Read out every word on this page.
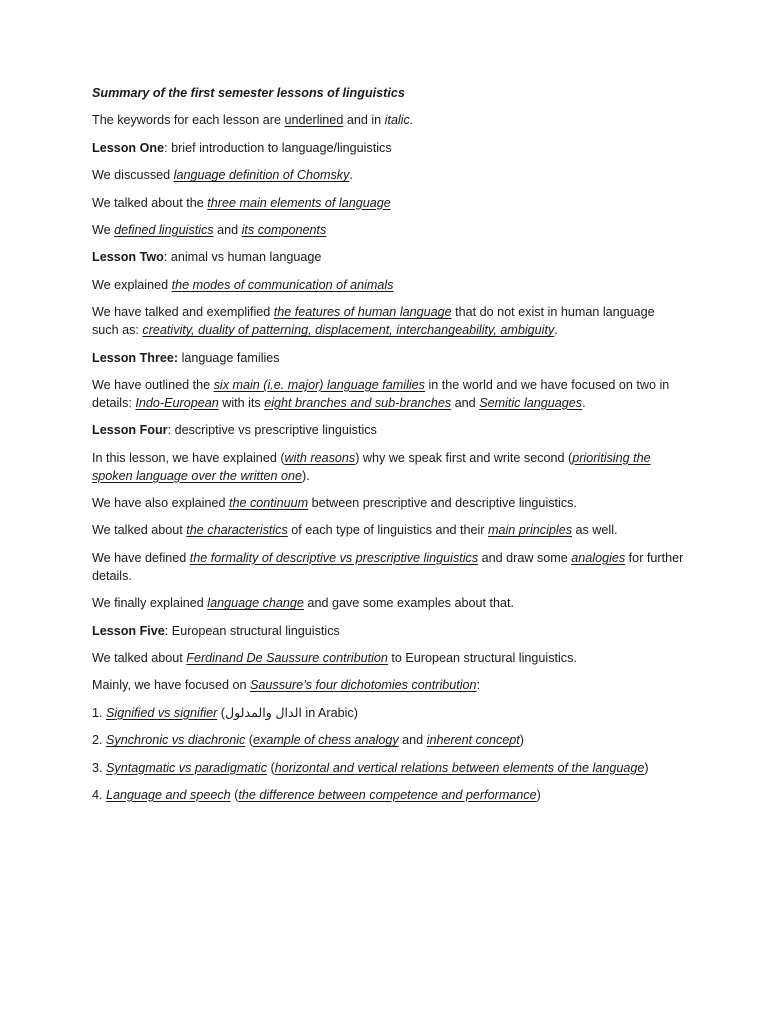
Summary of the first semester lessons of linguistics

The keywords for each lesson are underlined and in italic.

Lesson One: brief introduction to language/linguistics

We discussed language definition of Chomsky.

We talked about the three main elements of language

We defined linguistics and its components

Lesson Two: animal vs human language

We explained the modes of communication of animals

We have talked and exemplified the features of human language that do not exist in human language such as: creativity, duality of patterning, displacement, interchangeability, ambiguity.

Lesson Three: language families

We have outlined the six main (i.e. major) language families in the world and we have focused on two in details: Indo-European with its eight branches and sub-branches and Semitic languages.

Lesson Four: descriptive vs prescriptive linguistics

In this lesson, we have explained (with reasons) why we speak first and write second (prioritising the spoken language over the written one).

We have also explained the continuum between prescriptive and descriptive linguistics.

We talked about the characteristics of each type of linguistics and their main principles as well.

We have defined the formality of descriptive vs prescriptive linguistics and draw some analogies for further details.

We finally explained language change and gave some examples about that.

Lesson Five: European structural linguistics

We talked about Ferdinand De Saussure contribution to European structural linguistics.

Mainly, we have focused on Saussure’s four dichotomies contribution:

1. Signified vs signifier (الدال والمدلول in Arabic)

2. Synchronic vs diachronic (example of chess analogy and inherent concept)

3. Syntagmatic vs paradigmatic (horizontal and vertical relations between elements of the language)

4. Language and speech (the difference between competence and performance)
